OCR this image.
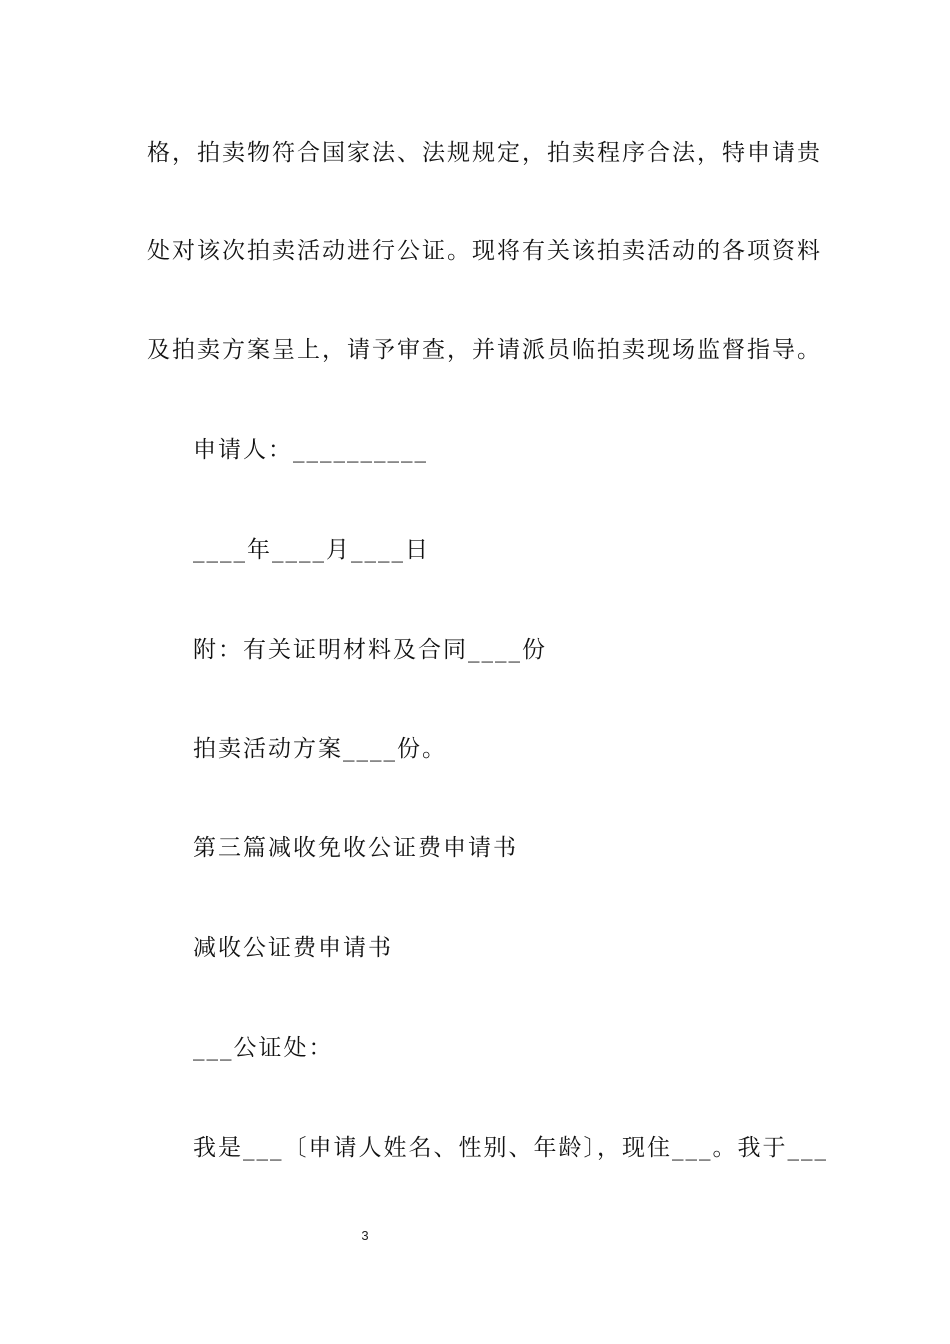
格，拍卖物符合国家法、法规规定，拍卖程序合法，特申请贵
处对该次拍卖活动进行公证。现将有关该拍卖活动的各项资料
及拍卖方案呈上，请予审查，并请派员临拍卖现场监督指导。
申请人：__________
____年____月____日
附：有关证明材料及合同____份
拍卖活动方案____份。
第三篇减收免收公证费申请书
减收公证费申请书
___公证处：
我是___〔申请人姓名、性别、年龄〕，现住___。我于___
3
